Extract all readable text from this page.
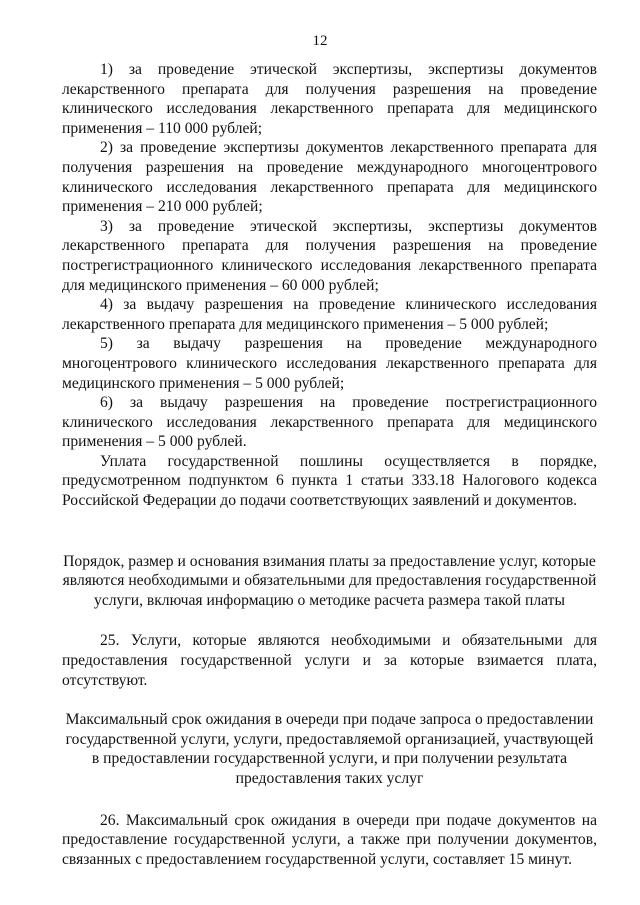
12

1) за проведение этической экспертизы, экспертизы документов лекарственного препарата для получения разрешения на проведение клинического исследования лекарственного препарата для медицинского применения – 110 000 рублей;

2) за проведение экспертизы документов лекарственного препарата для получения разрешения на проведение международного многоцентрового клинического исследования лекарственного препарата для медицинского применения – 210 000 рублей;

3) за проведение этической экспертизы, экспертизы документов лекарственного препарата для получения разрешения на проведение пострегистрационного клинического исследования лекарственного препарата для медицинского применения – 60 000 рублей;

4) за выдачу разрешения на проведение клинического исследования лекарственного препарата для медицинского применения – 5 000 рублей;

5) за выдачу разрешения на проведение международного многоцентрового клинического исследования лекарственного препарата для медицинского применения – 5 000 рублей;

6) за выдачу разрешения на проведение пострегистрационного клинического исследования лекарственного препарата для медицинского применения – 5 000 рублей.

Уплата государственной пошлины осуществляется в порядке, предусмотренном подпунктом 6 пункта 1 статьи 333.18 Налогового кодекса Российской Федерации до подачи соответствующих заявлений и документов.

Порядок, размер и основания взимания платы за предоставление услуг, которые являются необходимыми и обязательными для предоставления государственной услуги, включая информацию о методике расчета размера такой платы

25. Услуги, которые являются необходимыми и обязательными для предоставления государственной услуги и за которые взимается плата, отсутствуют.

Максимальный срок ожидания в очереди при подаче запроса о предоставлении государственной услуги, услуги, предоставляемой организацией, участвующей в предоставлении государственной услуги, и при получении результата предоставления таких услуг

26. Максимальный срок ожидания в очереди при подаче документов на предоставление государственной услуги, а также при получении документов, связанных с предоставлением государственной услуги, составляет 15 минут.
